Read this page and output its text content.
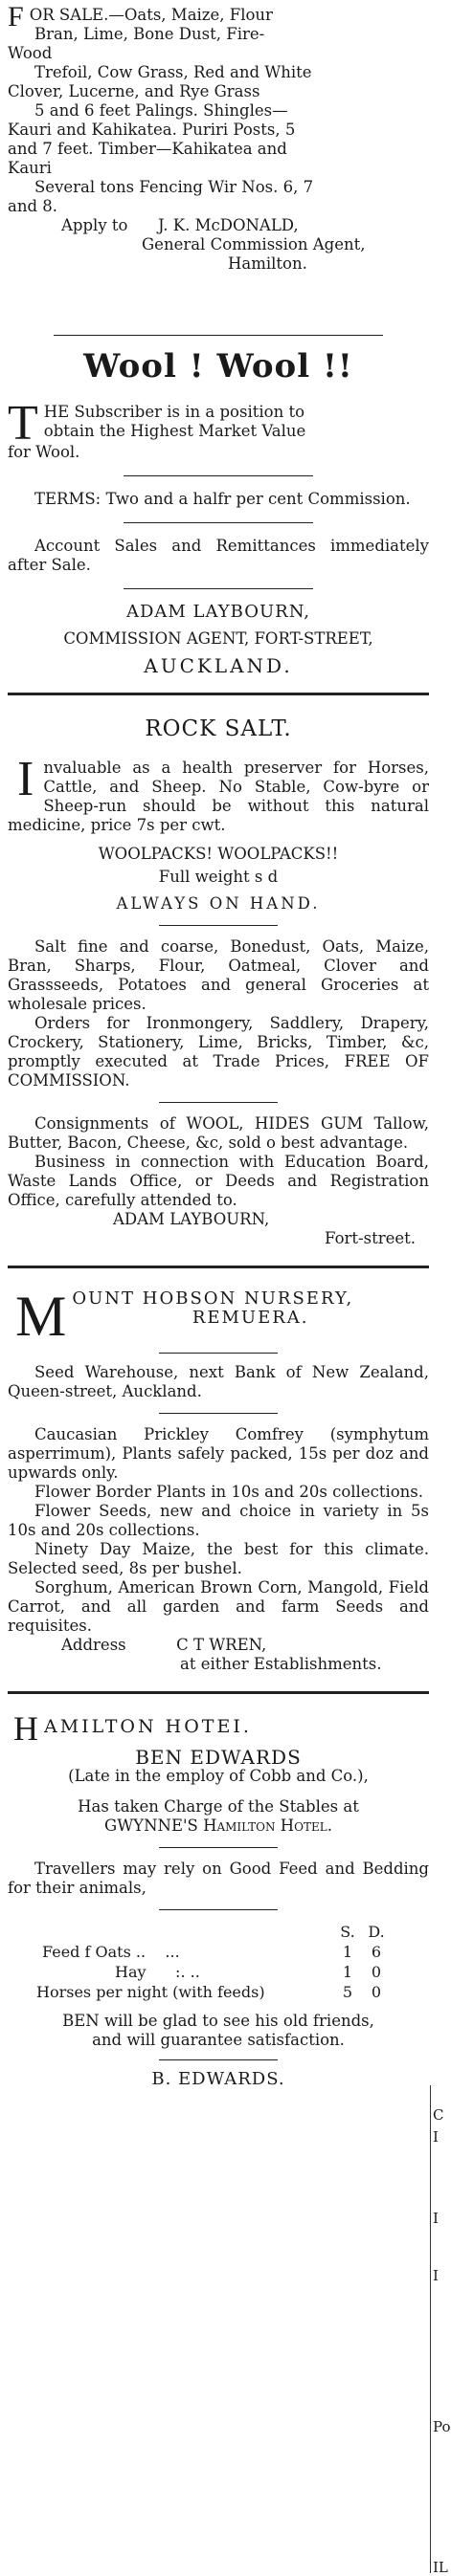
C
I
I
I
Po
IL

FOR SALE.—Oats, Maize, Flour

Bran, Lime, Bone Dust, Fire-

Wood

Trefoil, Cow Grass, Red and White

Clover, Lucerne, and Rye Grass

5 and 6 feet Palings. Shingles—

Kauri and Kahikatea. Puriri Posts, 5

and 7 feet. Timber—Kahikatea and

Kauri

Several tons Fencing Wir Nos. 6, 7

and 8.

Apply to J. K. McDONALD,

General Commission Agent,

Hamilton.

Wool ! Wool !!
T HE Subscriber is in a position to

obtain the Highest Market Value

for Wool.

TERMS: Two and a halfr per cent Commission.

Account Sales and Remittances immediately after Sale.

ADAM LAYBOURN,

COMMISSION AGENT, FORT-STREET,

AUCKLAND.

ROCK SALT.
I nvaluable as a health preserver for Horses, Cattle, and Sheep. No Stable, Cow-byre or Sheep-run should be without this natural medicine, price 7s per cwt.

WOOLPACKS! WOOLPACKS!!

Full weight s d

ALWAYS ON HAND.

Salt fine and coarse, Bonedust, Oats, Maize, Bran, Sharps, Flour, Oatmeal, Clover and Grassseeds, Potatoes and general Groceries at wholesale prices.

Orders for Ironmongery, Saddlery, Drapery, Crockery, Stationery, Lime, Bricks, Timber, &c, promptly executed at Trade Prices, FREE OF COMMISSION.

Consignments of WOOL, HIDES GUM Tallow, Butter, Bacon, Cheese, &c, sold o best advantage.

Business in connection with Education Board, Waste Lands Office, or Deeds and Registration Office, carefully attended to.

ADAM LAYBOURN,

Fort-street.

M OUNT HOBSON NURSERY,

REMUERA.

Seed Warehouse, next Bank of New Zealand, Queen-street, Auckland.

Caucasian Prickley Comfrey (symphytum asperrimum), Plants safely packed, 15s per doz and upwards only.

Flower Border Plants in 10s and 20s collections.

Flower Seeds, new and choice in variety in 5s 10s and 20s collections.

Ninety Day Maize, the best for this climate. Selected seed, 8s per bushel.

Sorghum, American Brown Corn, Mangold, Field Carrot, and all garden and farm Seeds and requisites.

Address	C T WREN,

at either Establishments.

H AMILTON HOTEI.

BEN EDWARDS

(Late in the employ of Cobb and Co.),

Has taken Charge of the Stables at

GWYNNE'S Hamilton Hotel.

Travellers may rely on Good Feed and Bedding for their animals,

	S.	D.	
Feed f Oats .. ...	1	6	
Hay :. ..	1	0	
Horses per night (with feeds)	5	0	

BEN will be glad to see his old friends,

and will guarantee satisfaction.

B. EDWARDS.
